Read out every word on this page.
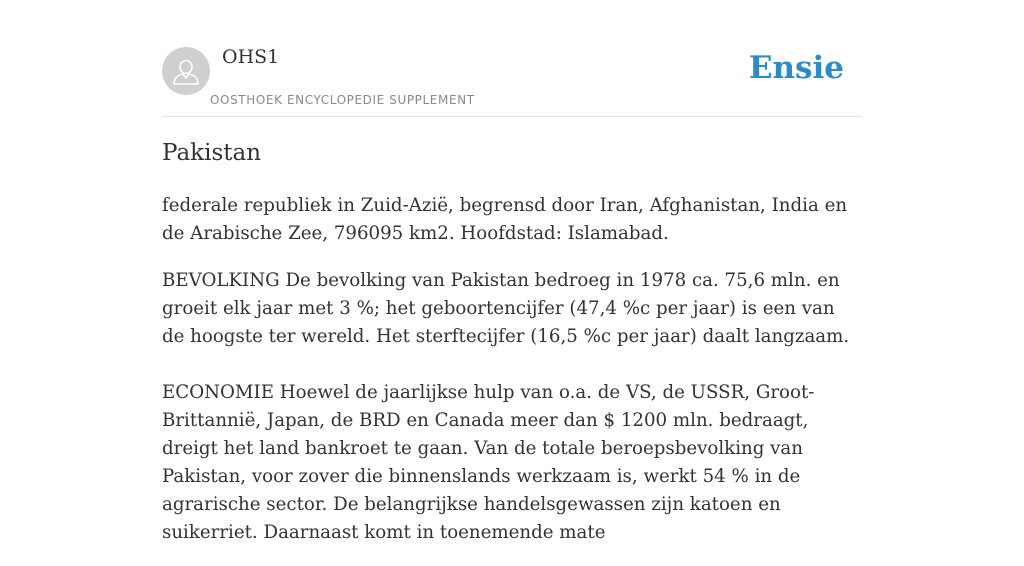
OHS1
OOSTHOEK ENCYCLOPEDIE SUPPLEMENT
Ensie
Pakistan

federale republiek in Zuid-Azië, begrensd door Iran, Afghanistan, India en de Arabische Zee, 796095 km2. Hoofdstad: Islamabad.

BEVOLKING De bevolking van Pakistan bedroeg in 1978 ca. 75,6 mln. en groeit elk jaar met 3 %; het geboortencijfer (47,4 %c per jaar) is een van de hoogste ter wereld. Het sterftecijfer (16,5 %c per jaar) daalt langzaam.

ECONOMIE Hoewel de jaarlijkse hulp van o.a. de VS, de USSR, Groot-Brittannië, Japan, de BRD en Canada meer dan $ 1200 mln. bedraagt, dreigt het land bankroet te gaan. Van de totale beroepsbevolking van Pakistan, voor zover die binnenslands werkzaam is, werkt 54 % in de agrarische sector. De belangrijkse handelsgewassen zijn katoen en suikerriet. Daarnaast komt in toenemende mate
